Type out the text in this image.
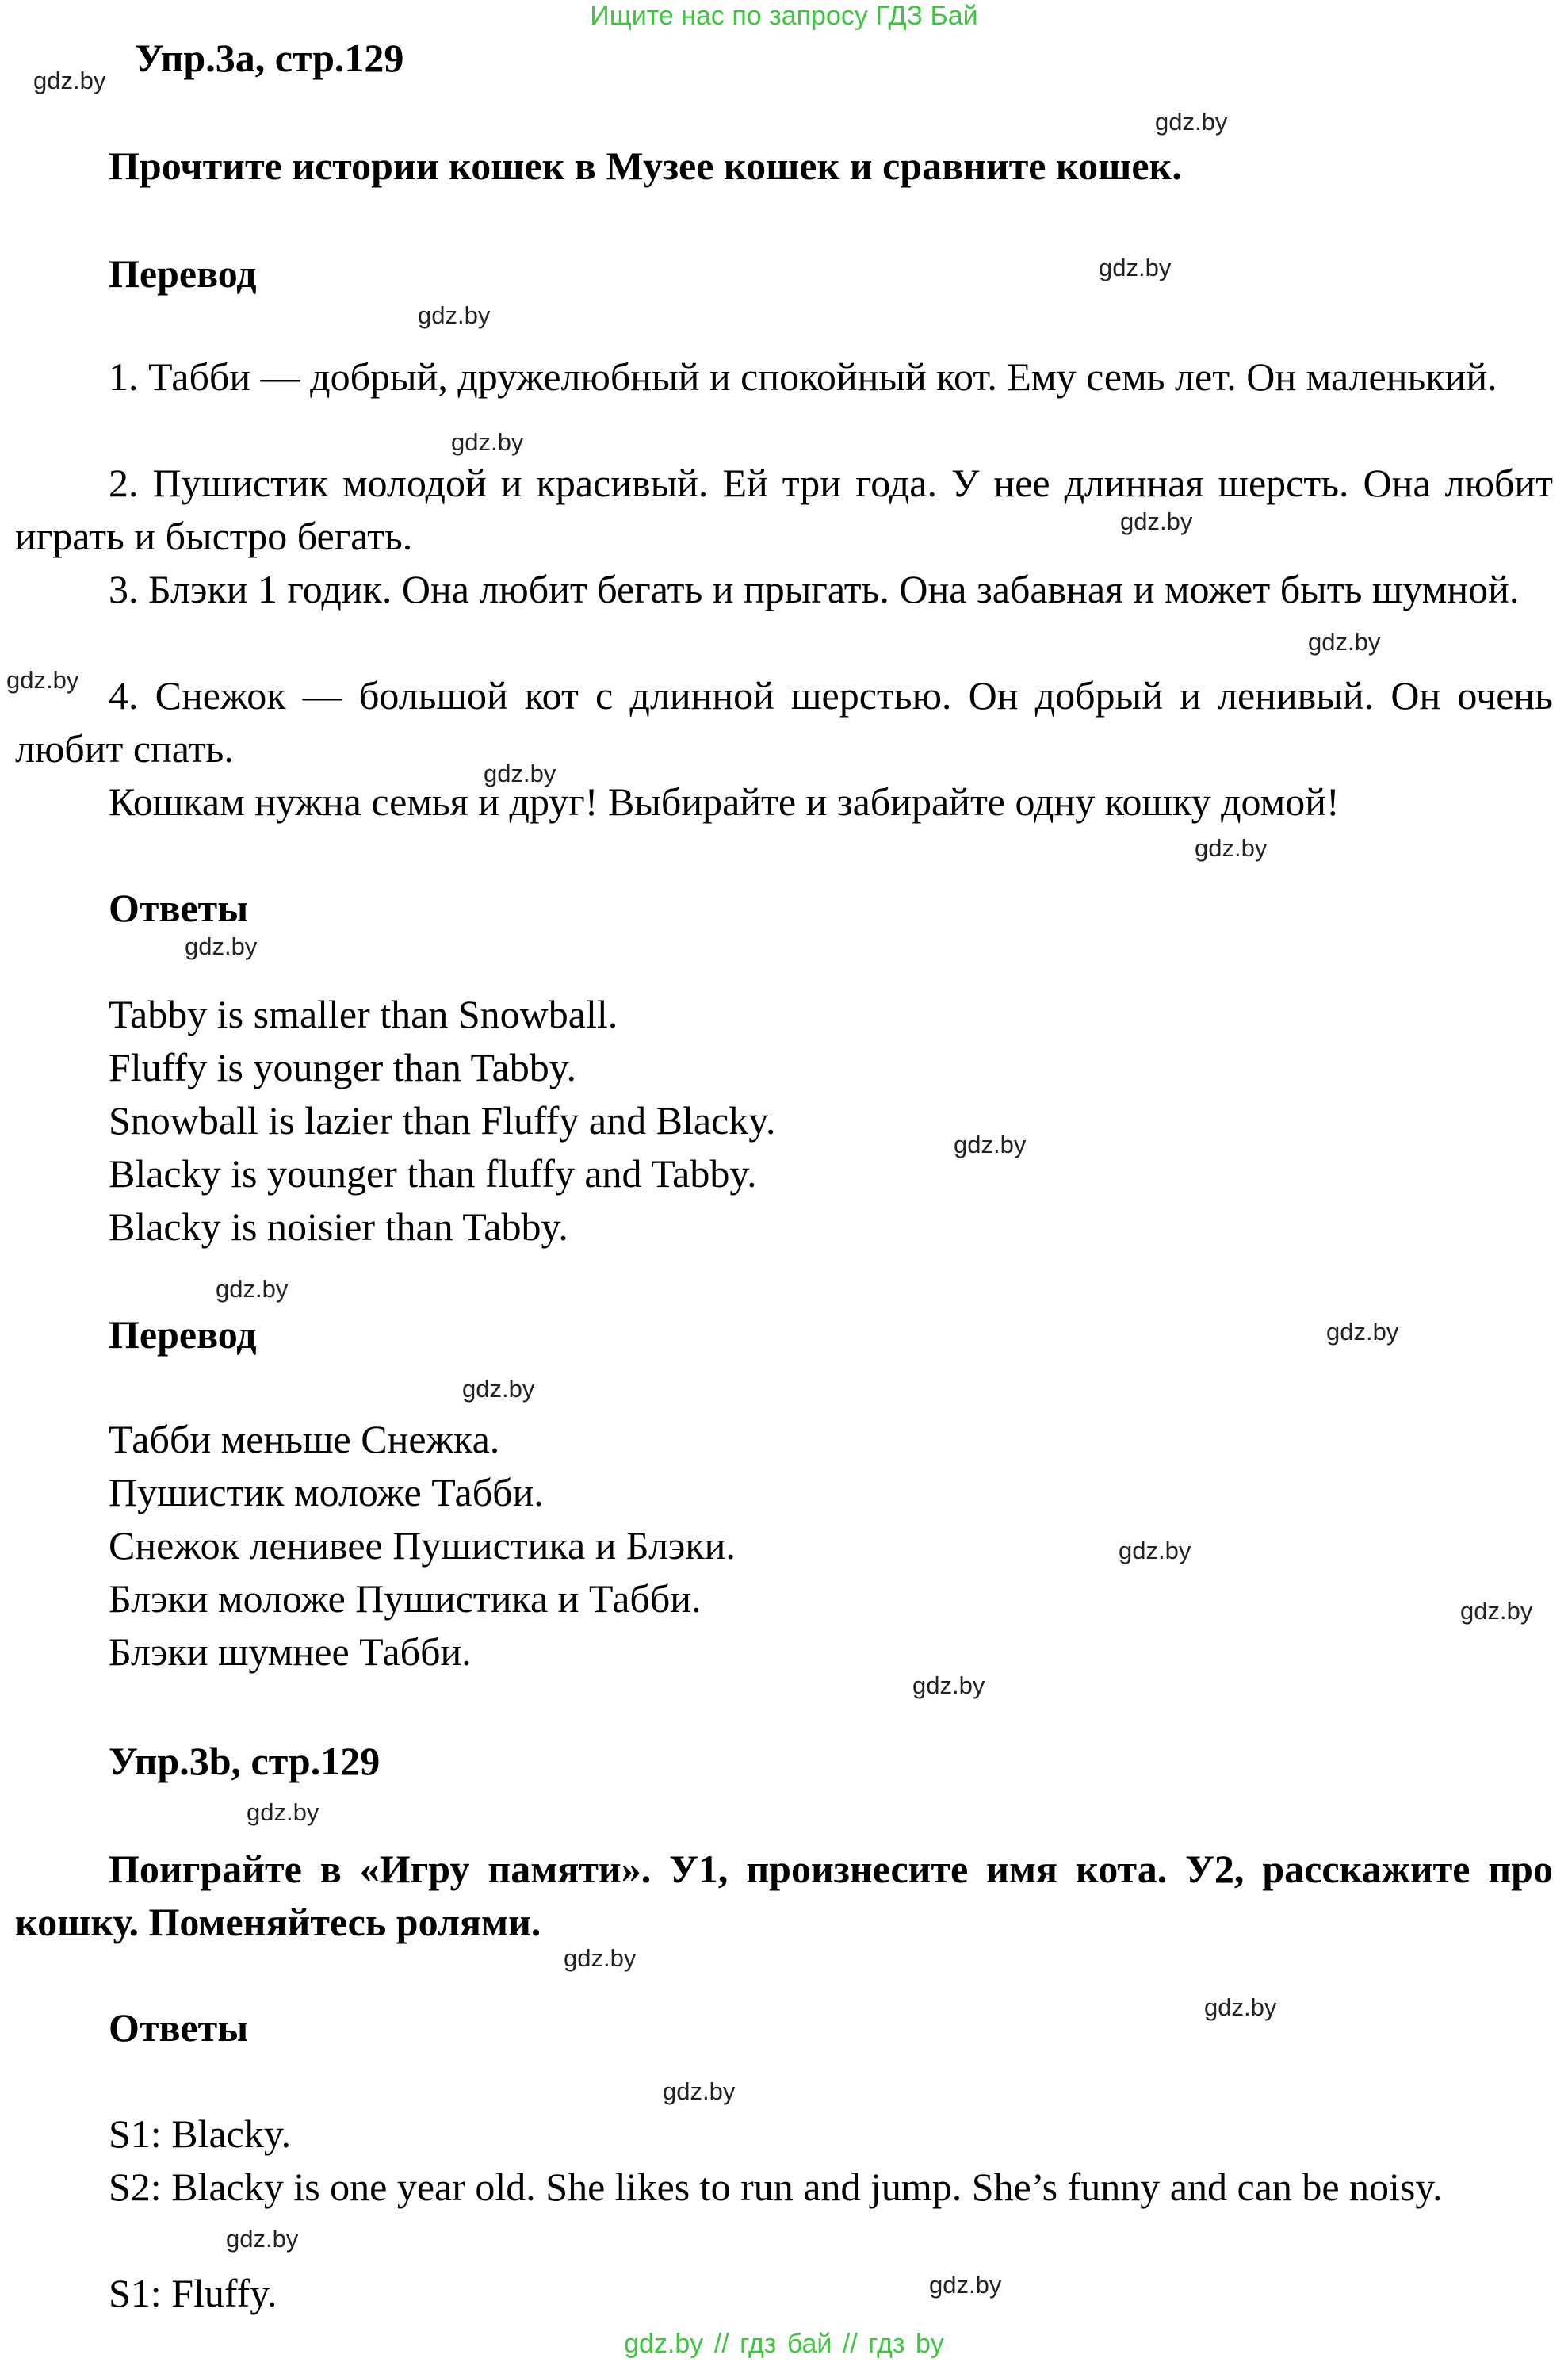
Ищите нас по запросу ГДЗ Бай
Упр.3a, стр.129
Прочтите истории кошек в Музее кошек и сравните кошек.
Перевод
1. Табби — добрый, дружелюбный и спокойный кот. Ему семь лет. Он маленький.
2. Пушистик молодой и красивый. Ей три года. У нее длинная шерсть. Она любит играть и быстро бегать.
3. Блэки 1 годик. Она любит бегать и прыгать. Она забавная и может быть шумной.
4. Снежок — большой кот с длинной шерстью. Он добрый и ленивый. Он очень любит спать.
Кошкам нужна семья и друг! Выбирайте и забирайте одну кошку домой!
Ответы
Tabby is smaller than Snowball.
Fluffy is younger than Tabby.
Snowball is lazier than Fluffy and Blacky.
Blacky is younger than fluffy and Tabby.
Blacky is noisier than Tabby.
Перевод
Табби меньше Снежка.
Пушистик моложе Табби.
Снежок ленивее Пушистика и Блэки.
Блэки моложе Пушистика и Табби.
Блэки шумнее Табби.
Упр.3b, стр.129
Поиграйте в «Игру памяти». У1, произнесите имя кота. У2, расскажите про кошку. Поменяйтесь ролями.
Ответы
S1: Blacky.
S2: Blacky is one year old. She likes to run and jump. She’s funny and can be noisy.
S1: Fluffy.
gdz.by
gdz.by
gdz.by
gdz.by
gdz.by
gdz.by
gdz.by
gdz.by
gdz.by
gdz.by
gdz.by
gdz.by
gdz.by
gdz.by
gdz.by
gdz.by
gdz.by
gdz.by
gdz.by
gdz.by
gdz.by
gdz.by
gdz.by
gdz.by
gdz.by // гдз бай // гдз by
